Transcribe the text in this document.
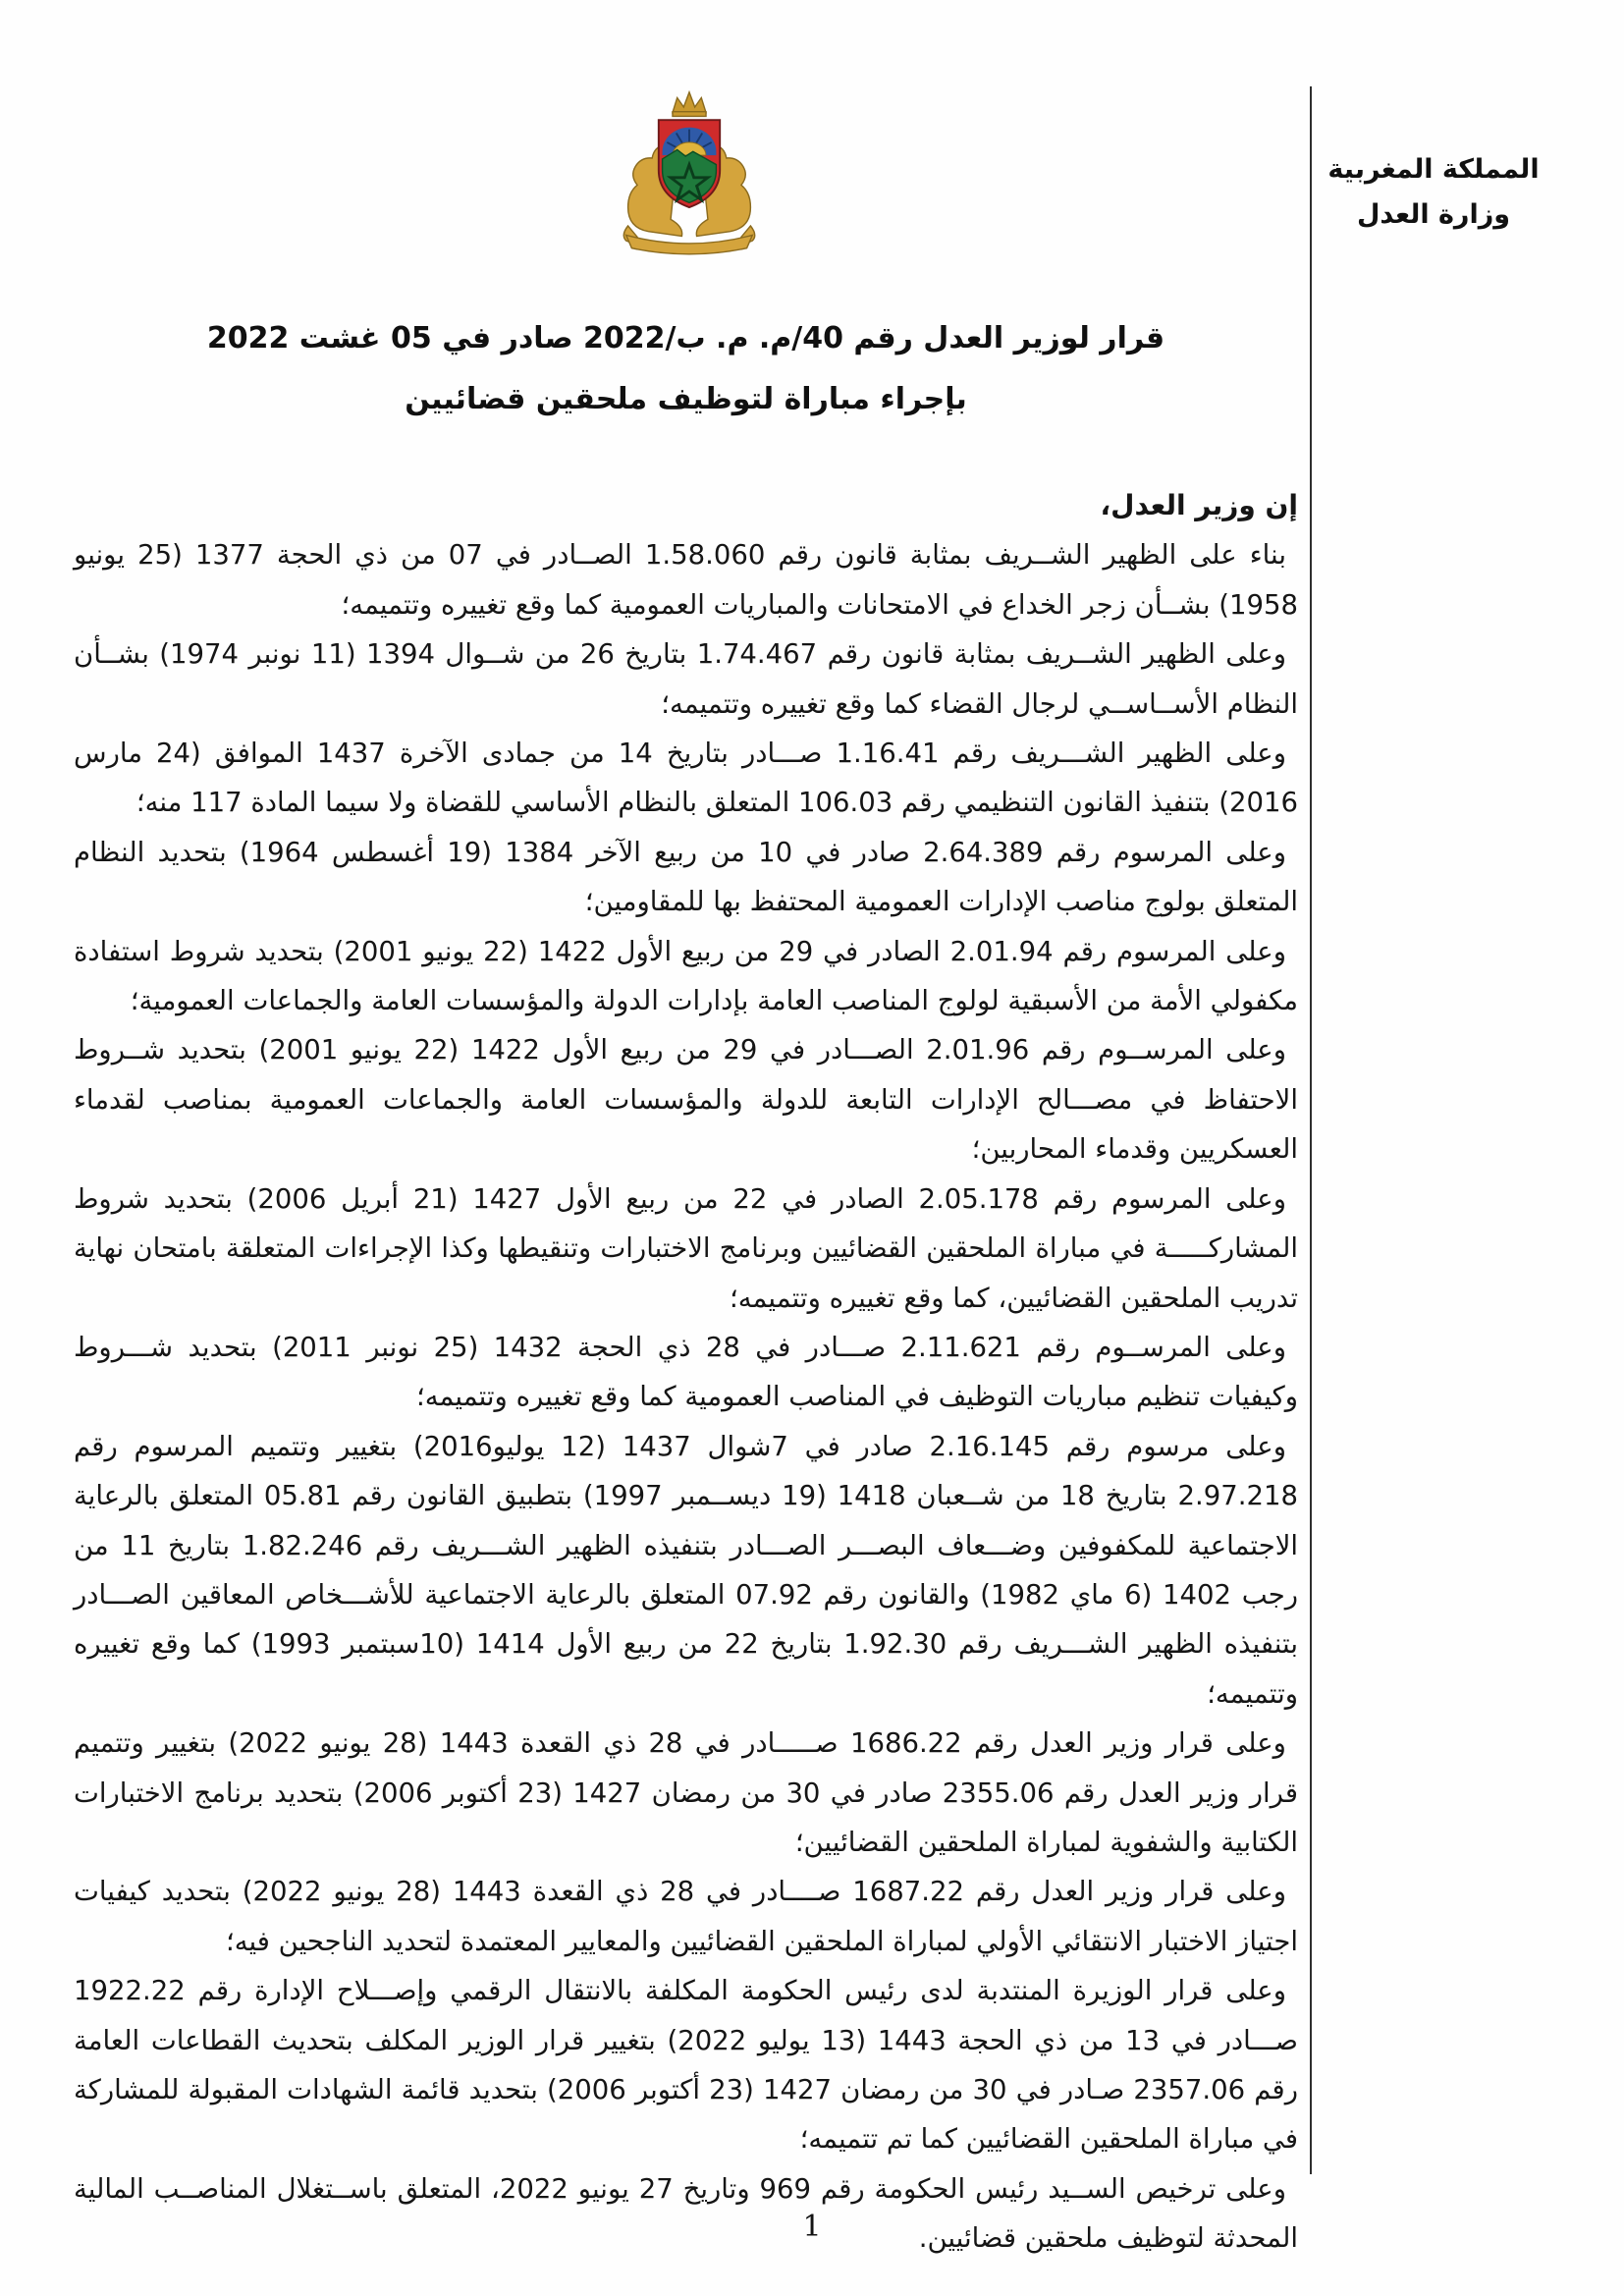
المملكة المغربية
وزارة العدل
قرار لوزير العدل رقم 40/م. م. ب/2022 صادر في 05 غشت 2022
بإجراء مباراة لتوظيف ملحقين قضائيين

إن وزير العدل،

بناء على الظهير الشــريف بمثابة قانون رقم 1.58.060 الصــادر في 07 من ذي الحجة 1377 (25 يونيو 1958) بشــأن زجر الخداع في الامتحانات والمباريات العمومية كما وقع تغييره وتتميمه؛

وعلى الظهير الشــريف بمثابة قانون رقم 1.74.467 بتاريخ 26 من شــوال 1394 (11 نونبر 1974) بشــأن النظام الأســاســي لرجال القضاء كما وقع تغييره وتتميمه؛

وعلى الظهير الشـــريف رقم 1.16.41 صـــادر بتاريخ 14 من جمادى الآخرة 1437 الموافق (24 مارس 2016) بتنفيذ القانون التنظيمي رقم 106.03 المتعلق بالنظام الأساسي للقضاة ولا سيما المادة 117 منه؛

وعلى المرسوم رقم 2.64.389 صادر في 10 من ربيع الآخر 1384 (19 أغسطس 1964) بتحديد النظام المتعلق بولوج مناصب الإدارات العمومية المحتفظ بها للمقاومين؛

وعلى المرسوم رقم 2.01.94 الصادر في 29 من ربيع الأول 1422 (22 يونيو 2001) بتحديد شروط استفادة مكفولي الأمة من الأسبقية لولوج المناصب العامة بإدارات الدولة والمؤسسات العامة والجماعات العمومية؛

وعلى المرســوم رقم 2.01.96 الصـــادر في 29 من ربيع الأول 1422 (22 يونيو 2001) بتحديد شــروط الاحتفاظ في مصـــالح الإدارات التابعة للدولة والمؤسسات العامة والجماعات العمومية بمناصب لقدماء العسكريين وقدماء المحاربين؛

وعلى المرسوم رقم 2.05.178 الصادر في 22 من ربيع الأول 1427 (21 أبريل 2006) بتحديد شروط المشاركـــــة في مباراة الملحقين القضائيين وبرنامج الاختبارات وتنقيطها وكذا الإجراءات المتعلقة بامتحان نهاية تدريب الملحقين القضائيين، كما وقع تغييره وتتميمه؛

وعلى المرســوم رقم 2.11.621 صـــادر في 28 ذي الحجة 1432 (25 نونبر 2011) بتحديد شـــروط وكيفيات تنظيم مباريات التوظيف في المناصب العمومية كما وقع تغييره وتتميمه؛

وعلى مرسوم رقم 2.16.145 صادر في 7شوال 1437 (12 يوليو2016) بتغيير وتتميم المرسوم رقم 2.97.218 بتاريخ 18 من شــعبان 1418 (19 ديســمبر 1997) بتطبيق القانون رقم 05.81 المتعلق بالرعاية الاجتماعية للمكفوفين وضـــعاف البصـــر الصـــادر بتنفيذه الظهير الشـــريف رقم 1.82.246 بتاريخ 11 من رجب 1402 (6 ماي 1982) والقانون رقم 07.92 المتعلق بالرعاية الاجتماعية للأشـــخاص المعاقين الصـــادر بتنفيذه الظهير الشـــريف رقم 1.92.30 بتاريخ 22 من ربيع الأول 1414 (10سبتمبر 1993) كما وقع تغييره وتتميمه؛

وعلى قرار وزير العدل رقم 1686.22 صـــــادر في 28 ذي القعدة 1443 (28 يونيو 2022) بتغيير وتتميم قرار وزير العدل رقم 2355.06 صادر في 30 من رمضان 1427 (23 أكتوبر 2006) بتحديد برنامج الاختبارات الكتابية والشفوية لمباراة الملحقين القضائيين؛

وعلى قرار وزير العدل رقم 1687.22 صــــادر في 28 ذي القعدة 1443 (28 يونيو 2022) بتحديد كيفيات اجتياز الاختبار الانتقائي الأولي لمباراة الملحقين القضائيين والمعايير المعتمدة لتحديد الناجحين فيه؛

وعلى قرار الوزيرة المنتدبة لدى رئيس الحكومة المكلفة بالانتقال الرقمي وإصـــلاح الإدارة رقم 1922.22 صـــادر في 13 من ذي الحجة 1443 (13 يوليو 2022) بتغيير قرار الوزير المكلف بتحديث القطاعات العامة رقم 2357.06 صـادر في 30 من رمضان 1427 (23 أكتوبر 2006) بتحديد قائمة الشهادات المقبولة للمشاركة في مباراة الملحقين القضائيين كما تم تتميمه؛

وعلى ترخيص الســيد رئيس الحكومة رقم 969 وتاريخ 27 يونيو 2022، المتعلق باســتغلال المناصــب المالية المحدثة لتوظيف ملحقين قضائيين.

1
